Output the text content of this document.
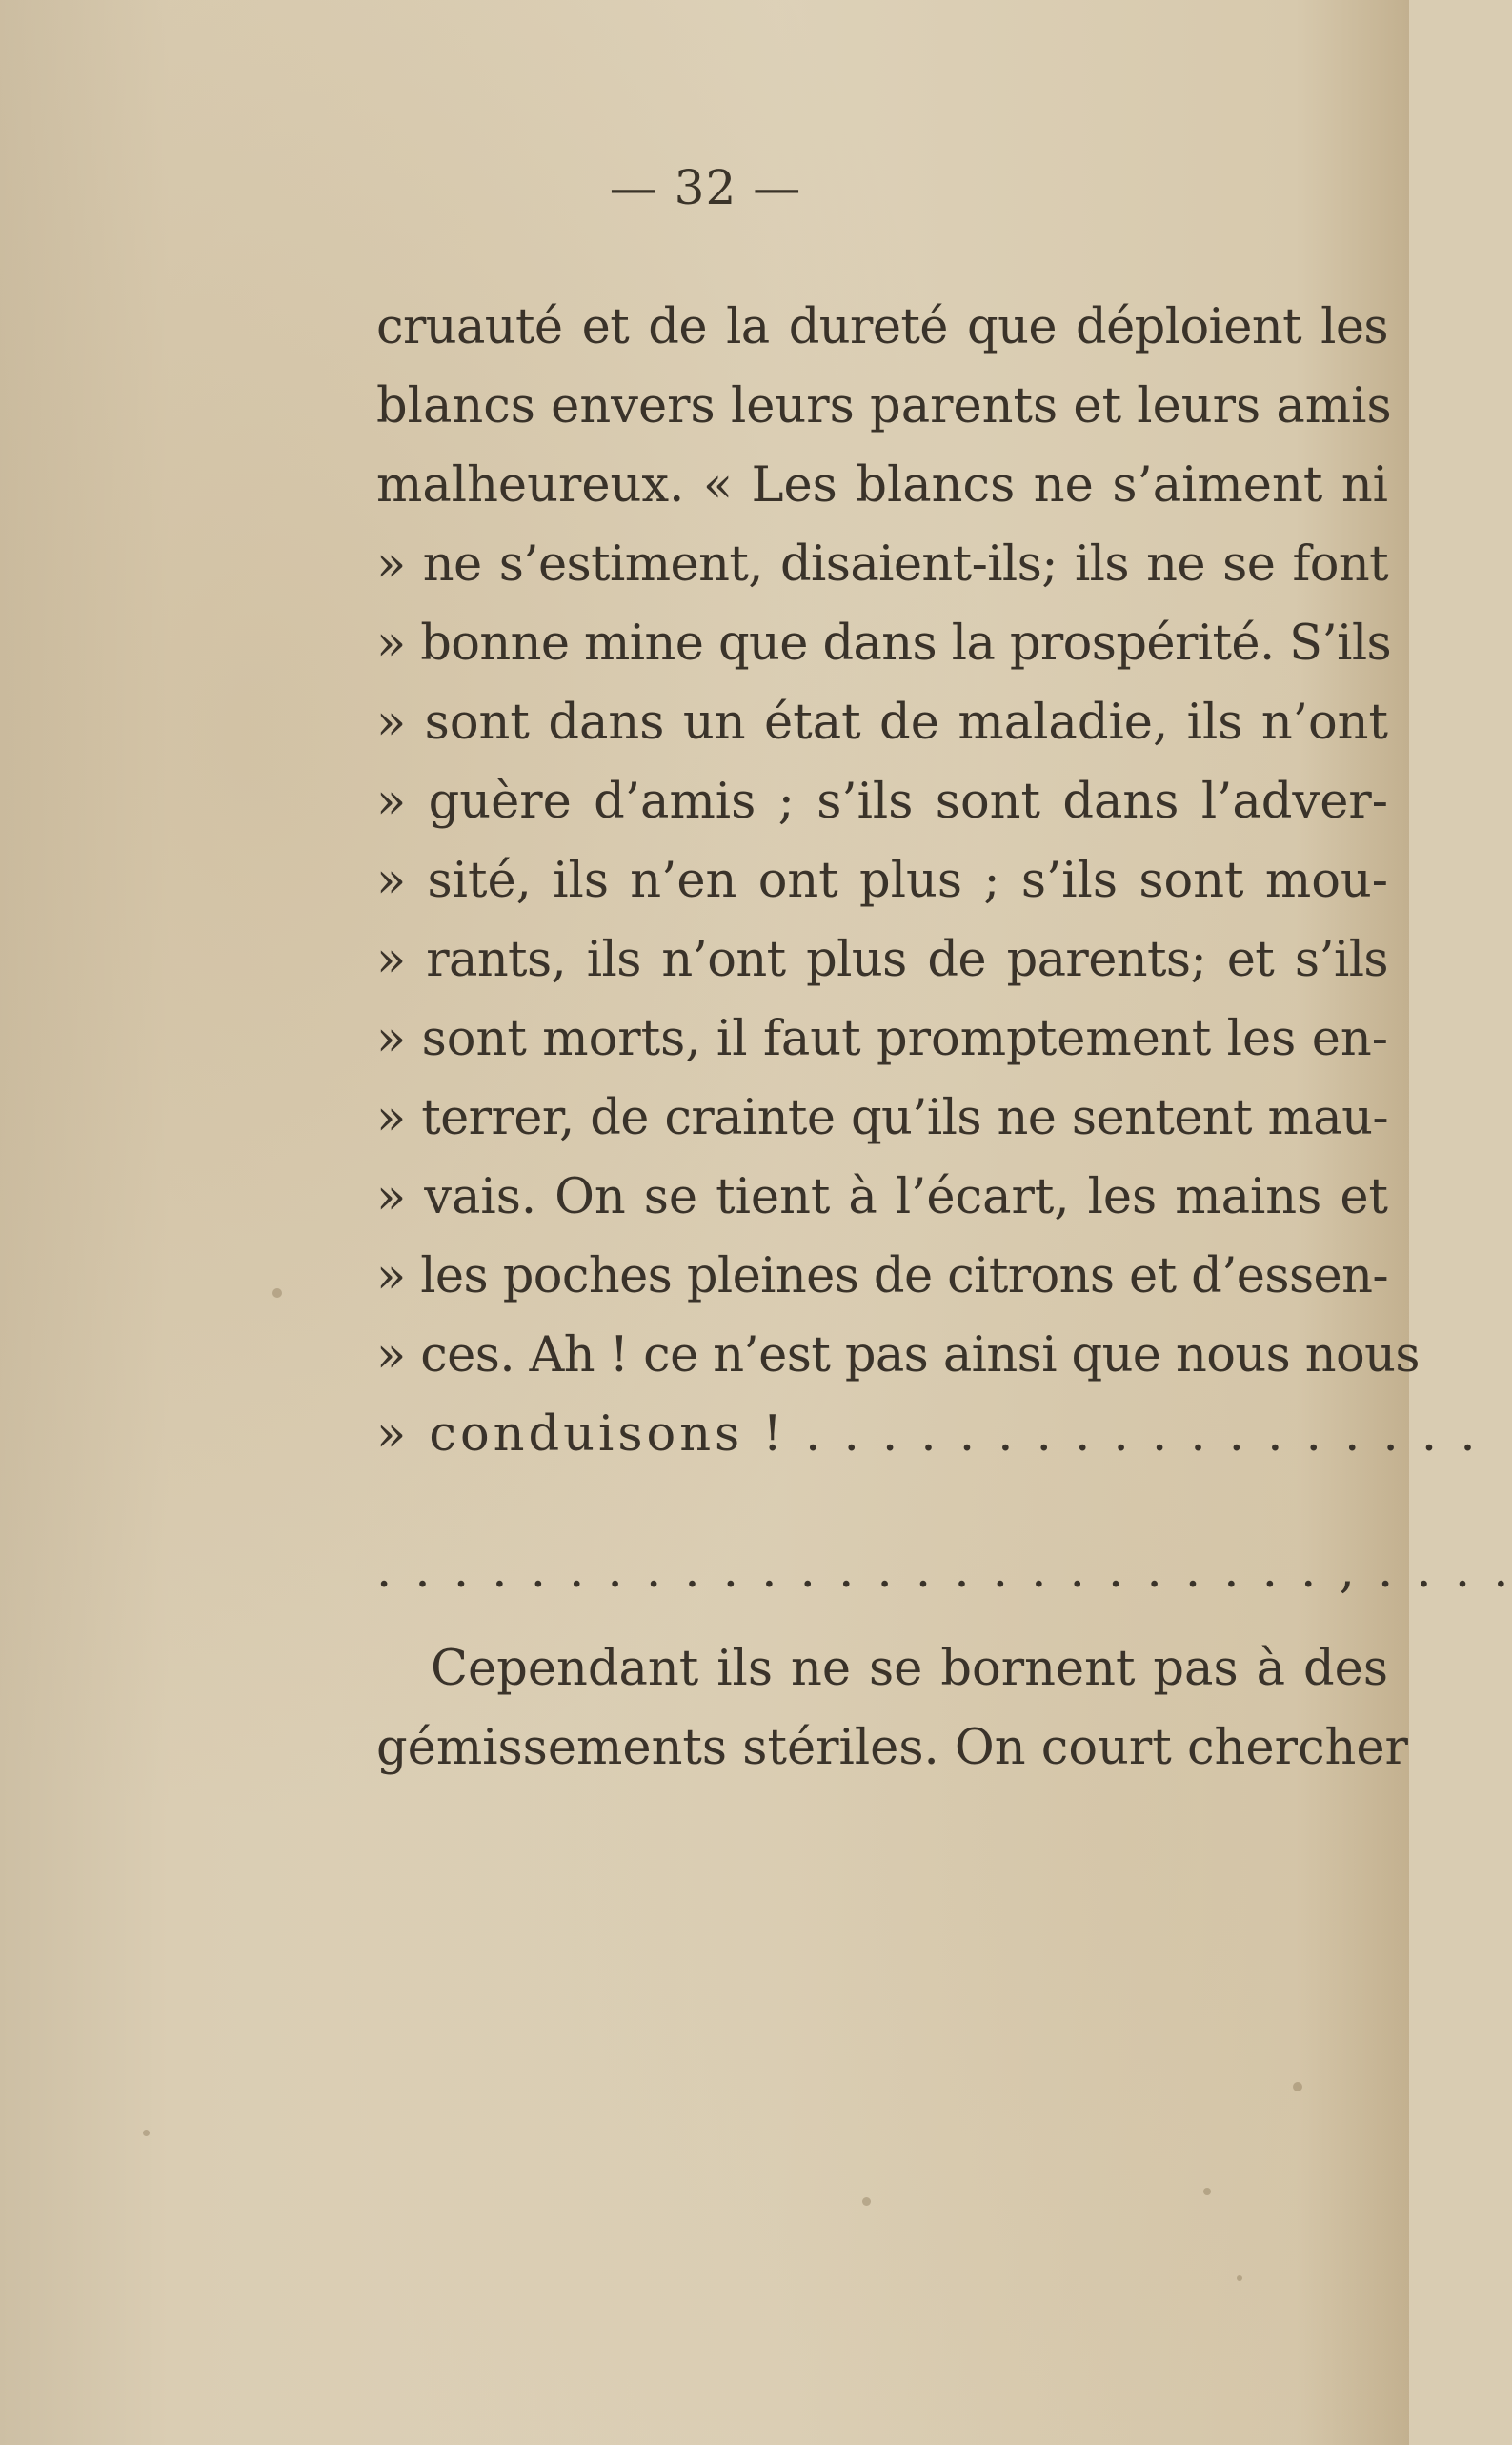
— 32 —
cruauté et de la dureté que déploient les
blancs envers leurs parents et leurs amis
malheureux. « Les blancs ne s’aiment ni
» ne s’estiment, disaient-ils; ils ne se font
» bonne mine que dans la prospérité. S’ils
» sont dans un état de maladie, ils n’ont
» guère d’amis ; s’ils sont dans l’adver-
» sité, ils n’en ont plus ; s’ils sont mou-
» rants, ils n’ont plus de parents; et s’ils
» sont morts, il faut promptement les en-
» terrer, de crainte qu’ils ne sentent mau-
» vais. On se tient à l’écart, les mains et
» les poches pleines de citrons et d’essen-
» ces. Ah ! ce n’est pas ainsi que nous nous
» conduisons ! . . . . . . . . . . . . . . . . . .
. . . . . . . . . . . . . . . . . . . . . . . . . , . . . .
Cependant ils ne se bornent pas à des
gémissements stériles. On court chercher
